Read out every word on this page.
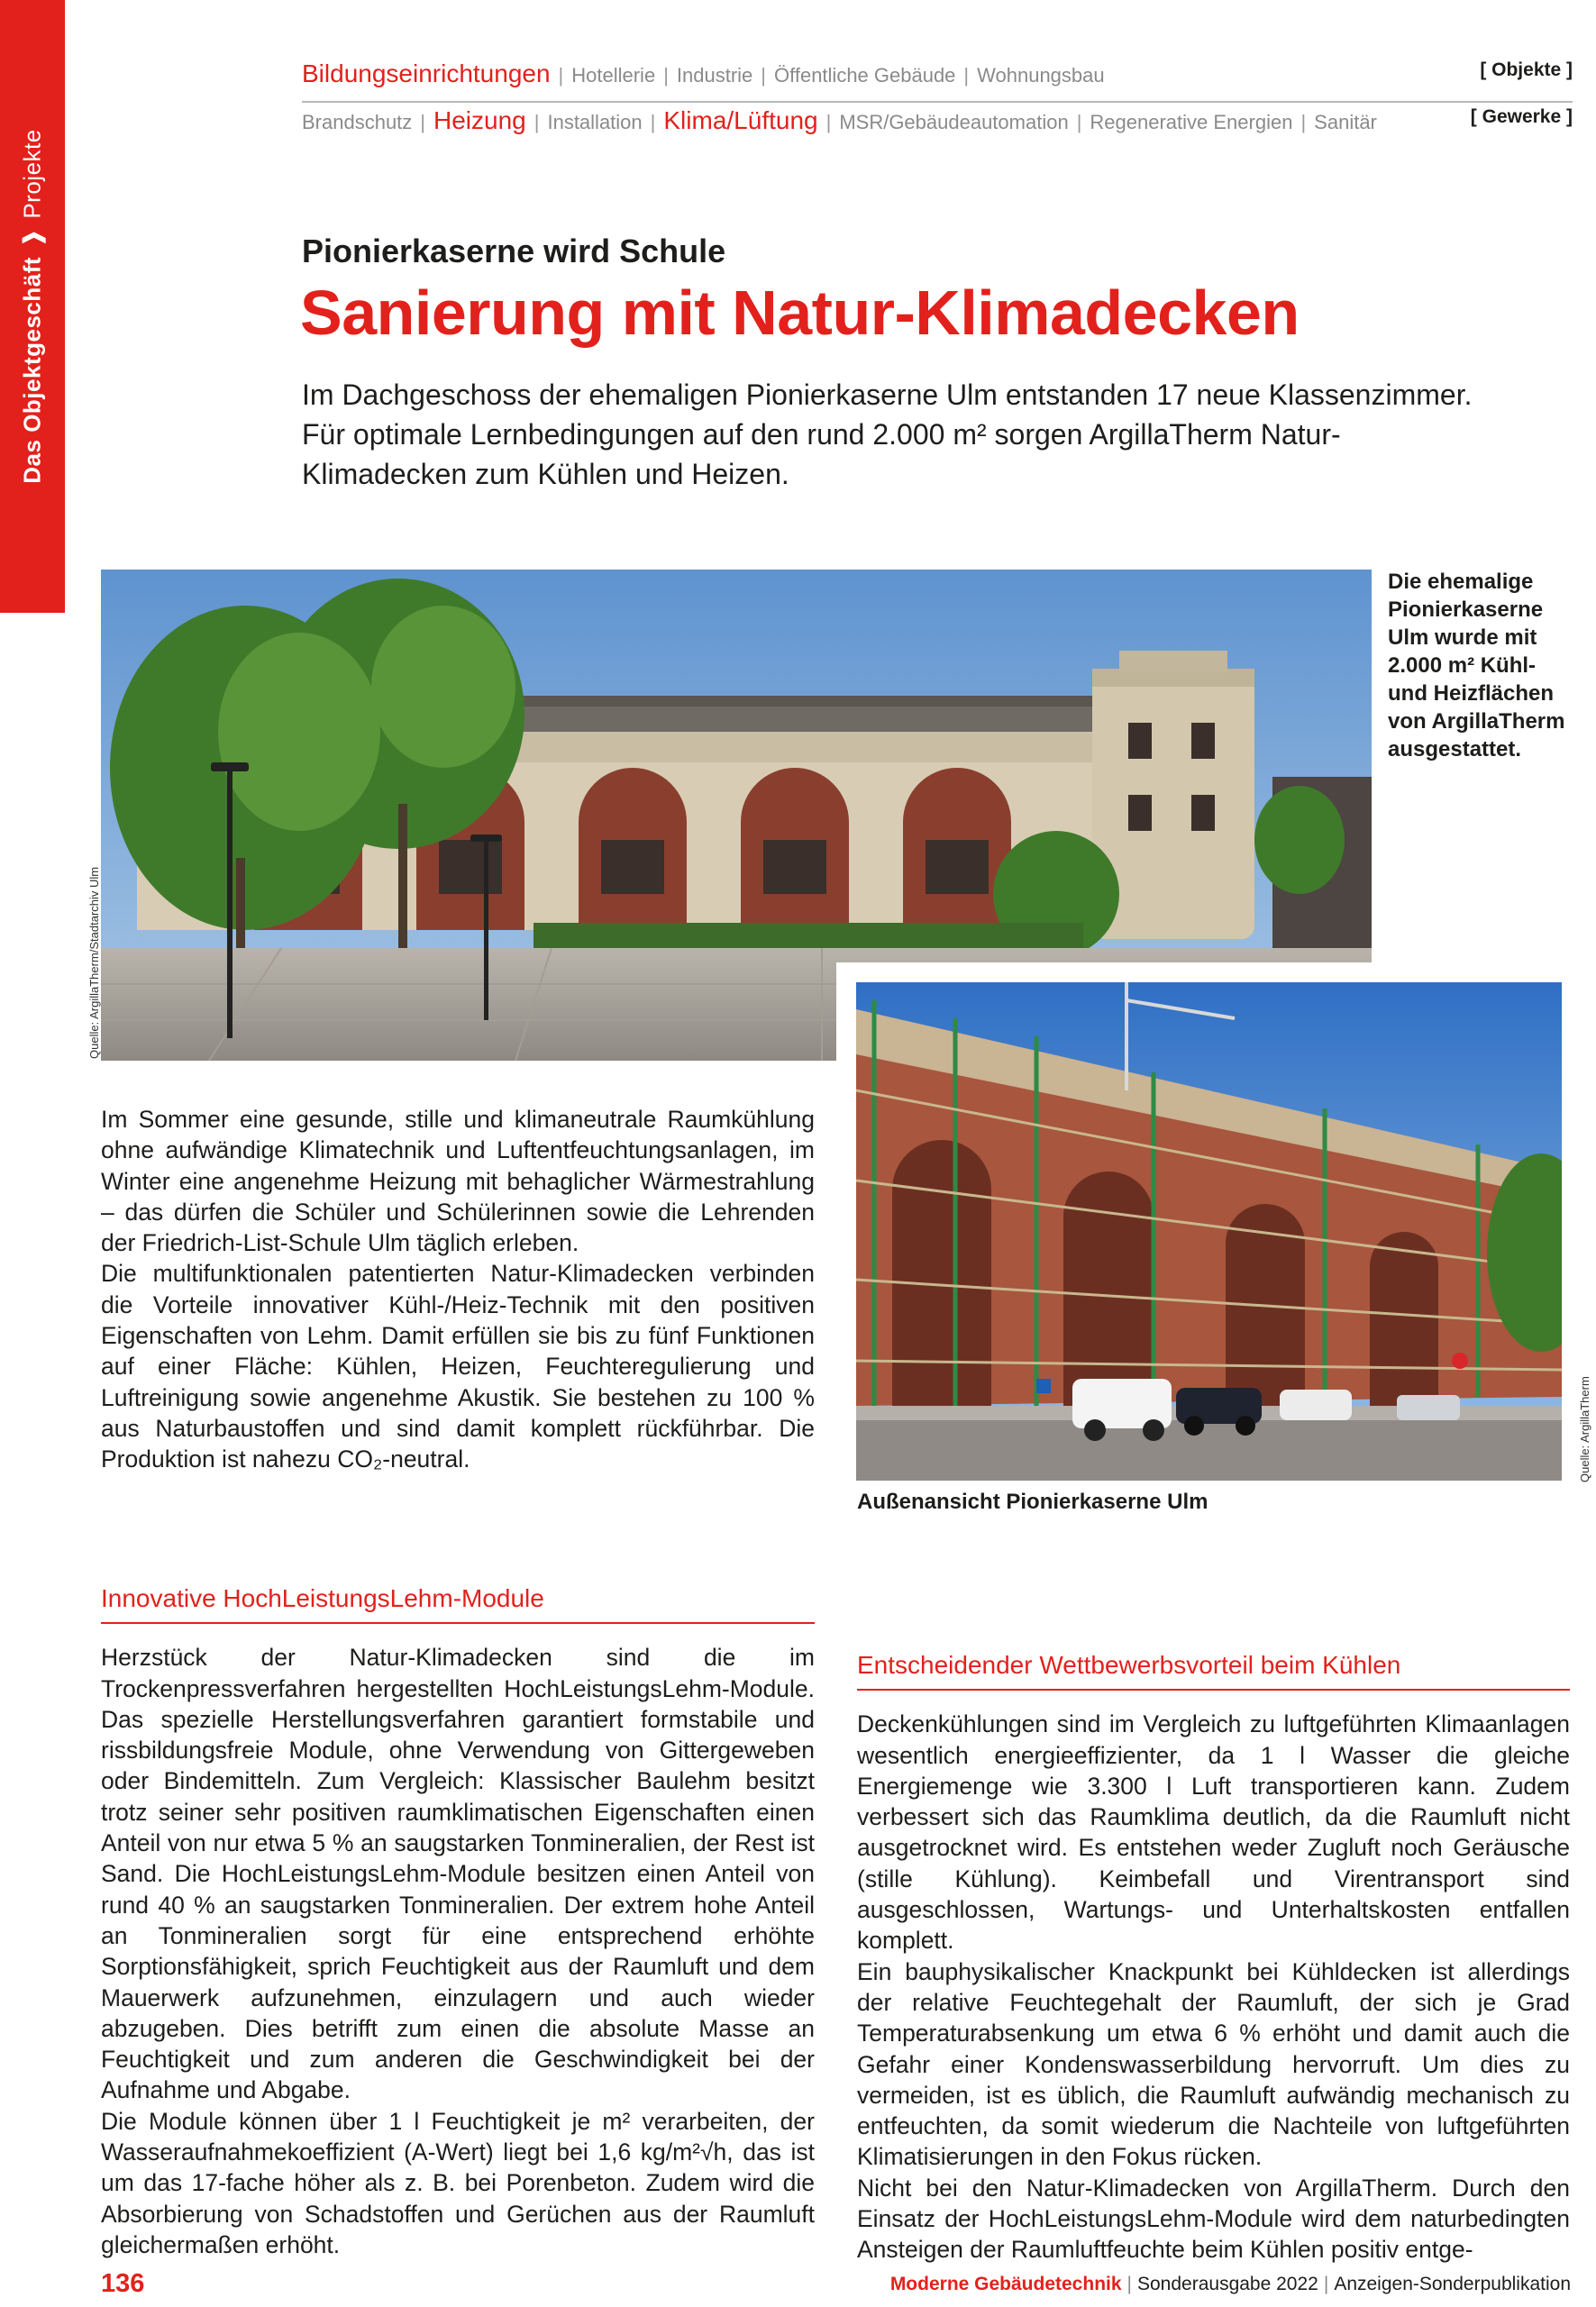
Das Objektgeschäft❱Projekte
Bildungseinrichtungen | Hotellerie | Industrie | Öffentliche Gebäude | Wohnungsbau	[ Objekte ]
Brandschutz | Heizung | Installation | Klima/Lüftung | MSR/Gebäudeautomation | Regenerative Energien | Sanitär	[ Gewerke ]
Pionierkaserne wird Schule
Sanierung mit Natur-Klimadecken
Im Dachgeschoss der ehemaligen Pionierkaserne Ulm entstanden 17 neue Klassenzimmer. Für optimale Lernbedingungen auf den rund 2.000 m² sorgen ArgillaTherm Natur-Klimadecken zum Kühlen und Heizen.
Die ehemalige Pionierkaserne Ulm wurde mit 2.000 m² Kühl- und Heizflächen von ArgillaTherm ausgestattet.
Quelle: ArgillaTherm/Stadtarchiv Ulm
Außenansicht Pionierkaserne Ulm
Quelle: ArgillaTherm

Im Sommer eine gesunde, stille und klimaneutrale Raumkühlung ohne aufwändige Klimatechnik und Luftentfeuchtungsanlagen, im Winter eine angenehme Heizung mit behaglicher Wärmestrahlung – das dürfen die Schüler und Schülerinnen sowie die Lehrenden der Friedrich-List-Schule Ulm täglich erleben.

Die multifunktionalen patentierten Natur-Klimadecken verbinden die Vorteile innovativer Kühl-/Heiz-Technik mit den positiven Eigenschaften von Lehm. Damit erfüllen sie bis zu fünf Funktionen auf einer Fläche: Kühlen, Heizen, Feuchteregulierung und Luftreinigung sowie angenehme Akustik. Sie bestehen zu 100 % aus Naturbaustoffen und sind damit komplett rückführbar. Die Produktion ist nahezu CO₂-neutral.

Innovative HochLeistungsLehm-Module

Herzstück der Natur-Klimadecken sind die im Trockenpressverfahren hergestellten HochLeistungsLehm-Module. Das spezielle Herstellungsverfahren garantiert formstabile und rissbildungsfreie Module, ohne Verwendung von Gittergeweben oder Bindemitteln. Zum Vergleich: Klassischer Baulehm besitzt trotz seiner sehr positiven raumklimatischen Eigenschaften einen Anteil von nur etwa 5 % an saugstarken Tonmineralien, der Rest ist Sand. Die HochLeistungsLehm-Module besitzen einen Anteil von rund 40 % an saugstarken Tonmineralien. Der extrem hohe Anteil an Tonmineralien sorgt für eine entsprechend erhöhte Sorptionsfähigkeit, sprich Feuchtigkeit aus der Raumluft und dem Mauerwerk aufzunehmen, einzulagern und auch wieder abzugeben. Dies betrifft zum einen die absolute Masse an Feuchtigkeit und zum anderen die Geschwindigkeit bei der Aufnahme und Abgabe.

Die Module können über 1 l Feuchtigkeit je m² verarbeiten, der Wasseraufnahmekoeffizient (A-Wert) liegt bei 1,6 kg/m²√h, das ist um das 17-fache höher als z. B. bei Porenbeton. Zudem wird die Absorbierung von Schadstoffen und Gerüchen aus der Raumluft gleichermaßen erhöht.

Entscheidender Wettbewerbsvorteil beim Kühlen

Deckenkühlungen sind im Vergleich zu luftgeführten Klimaanlagen wesentlich energieeffizienter, da 1 l Wasser die gleiche Energiemenge wie 3.300 l Luft transportieren kann. Zudem verbessert sich das Raumklima deutlich, da die Raumluft nicht ausgetrocknet wird. Es entstehen weder Zugluft noch Geräusche (stille Kühlung). Keimbefall und Virentransport sind ausgeschlossen, Wartungs- und Unterhaltskosten entfallen komplett.

Ein bauphysikalischer Knackpunkt bei Kühldecken ist allerdings der relative Feuchtegehalt der Raumluft, der sich je Grad Temperaturabsenkung um etwa 6 % erhöht und damit auch die Gefahr einer Kondenswasserbildung hervorruft. Um dies zu vermeiden, ist es üblich, die Raumluft aufwändig mechanisch zu entfeuchten, da somit wiederum die Nachteile von luftgeführten Klimatisierungen in den Fokus rücken.

Nicht bei den Natur-Klimadecken von ArgillaTherm. Durch den Einsatz der HochLeistungsLehm-Module wird dem naturbedingten Ansteigen der Raumluftfeuchte beim Kühlen positiv entge-

136	Moderne Gebäudetechnik | Sonderausgabe 2022 | Anzeigen-Sonderpublikation
